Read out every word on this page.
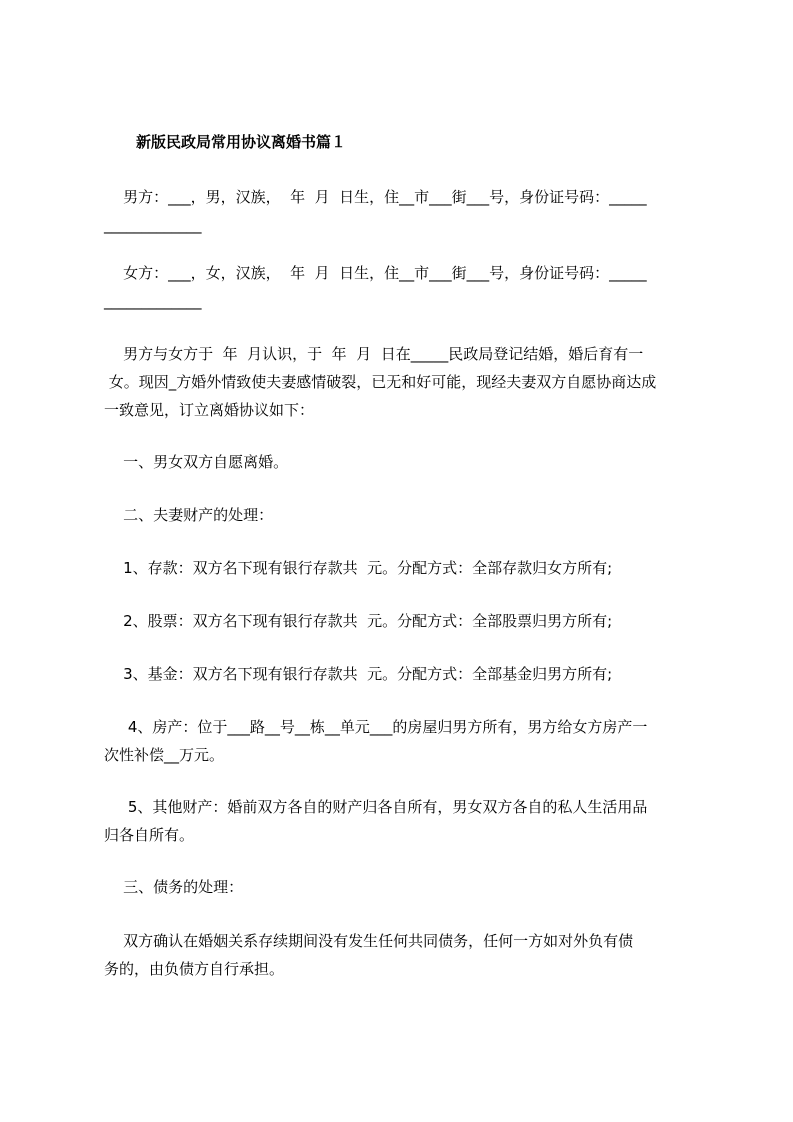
新版民政局常用协议离婚书篇１

男方：___，男，汉族，  年  月  日生，住__市___街___号，身份证号码：_____

_____________

女方：___，女，汉族，  年  月  日生，住__市___街___号，身份证号码：_____

_____________

男方与女方于  年  月认识，于  年  月  日在_____民政局登记结婚，婚后育有一

女。现因_方婚外情致使夫妻感情破裂，已无和好可能，现经夫妻双方自愿协商达成

一致意见，订立离婚协议如下：

一、男女双方自愿离婚。

二、夫妻财产的处理：

1、存款：双方名下现有银行存款共  元。分配方式：全部存款归女方所有;

2、股票：双方名下现有银行存款共  元。分配方式：全部股票归男方所有;

3、基金：双方名下现有银行存款共  元。分配方式：全部基金归男方所有;

4、房产：位于___路__号__栋__单元___的房屋归男方所有，男方给女方房产一

次性补偿__万元。

5、其他财产：婚前双方各自的财产归各自所有，男女双方各自的私人生活用品

归各自所有。

三、债务的处理：

双方确认在婚姻关系存续期间没有发生任何共同债务，任何一方如对外负有债

务的，由负债方自行承担。
